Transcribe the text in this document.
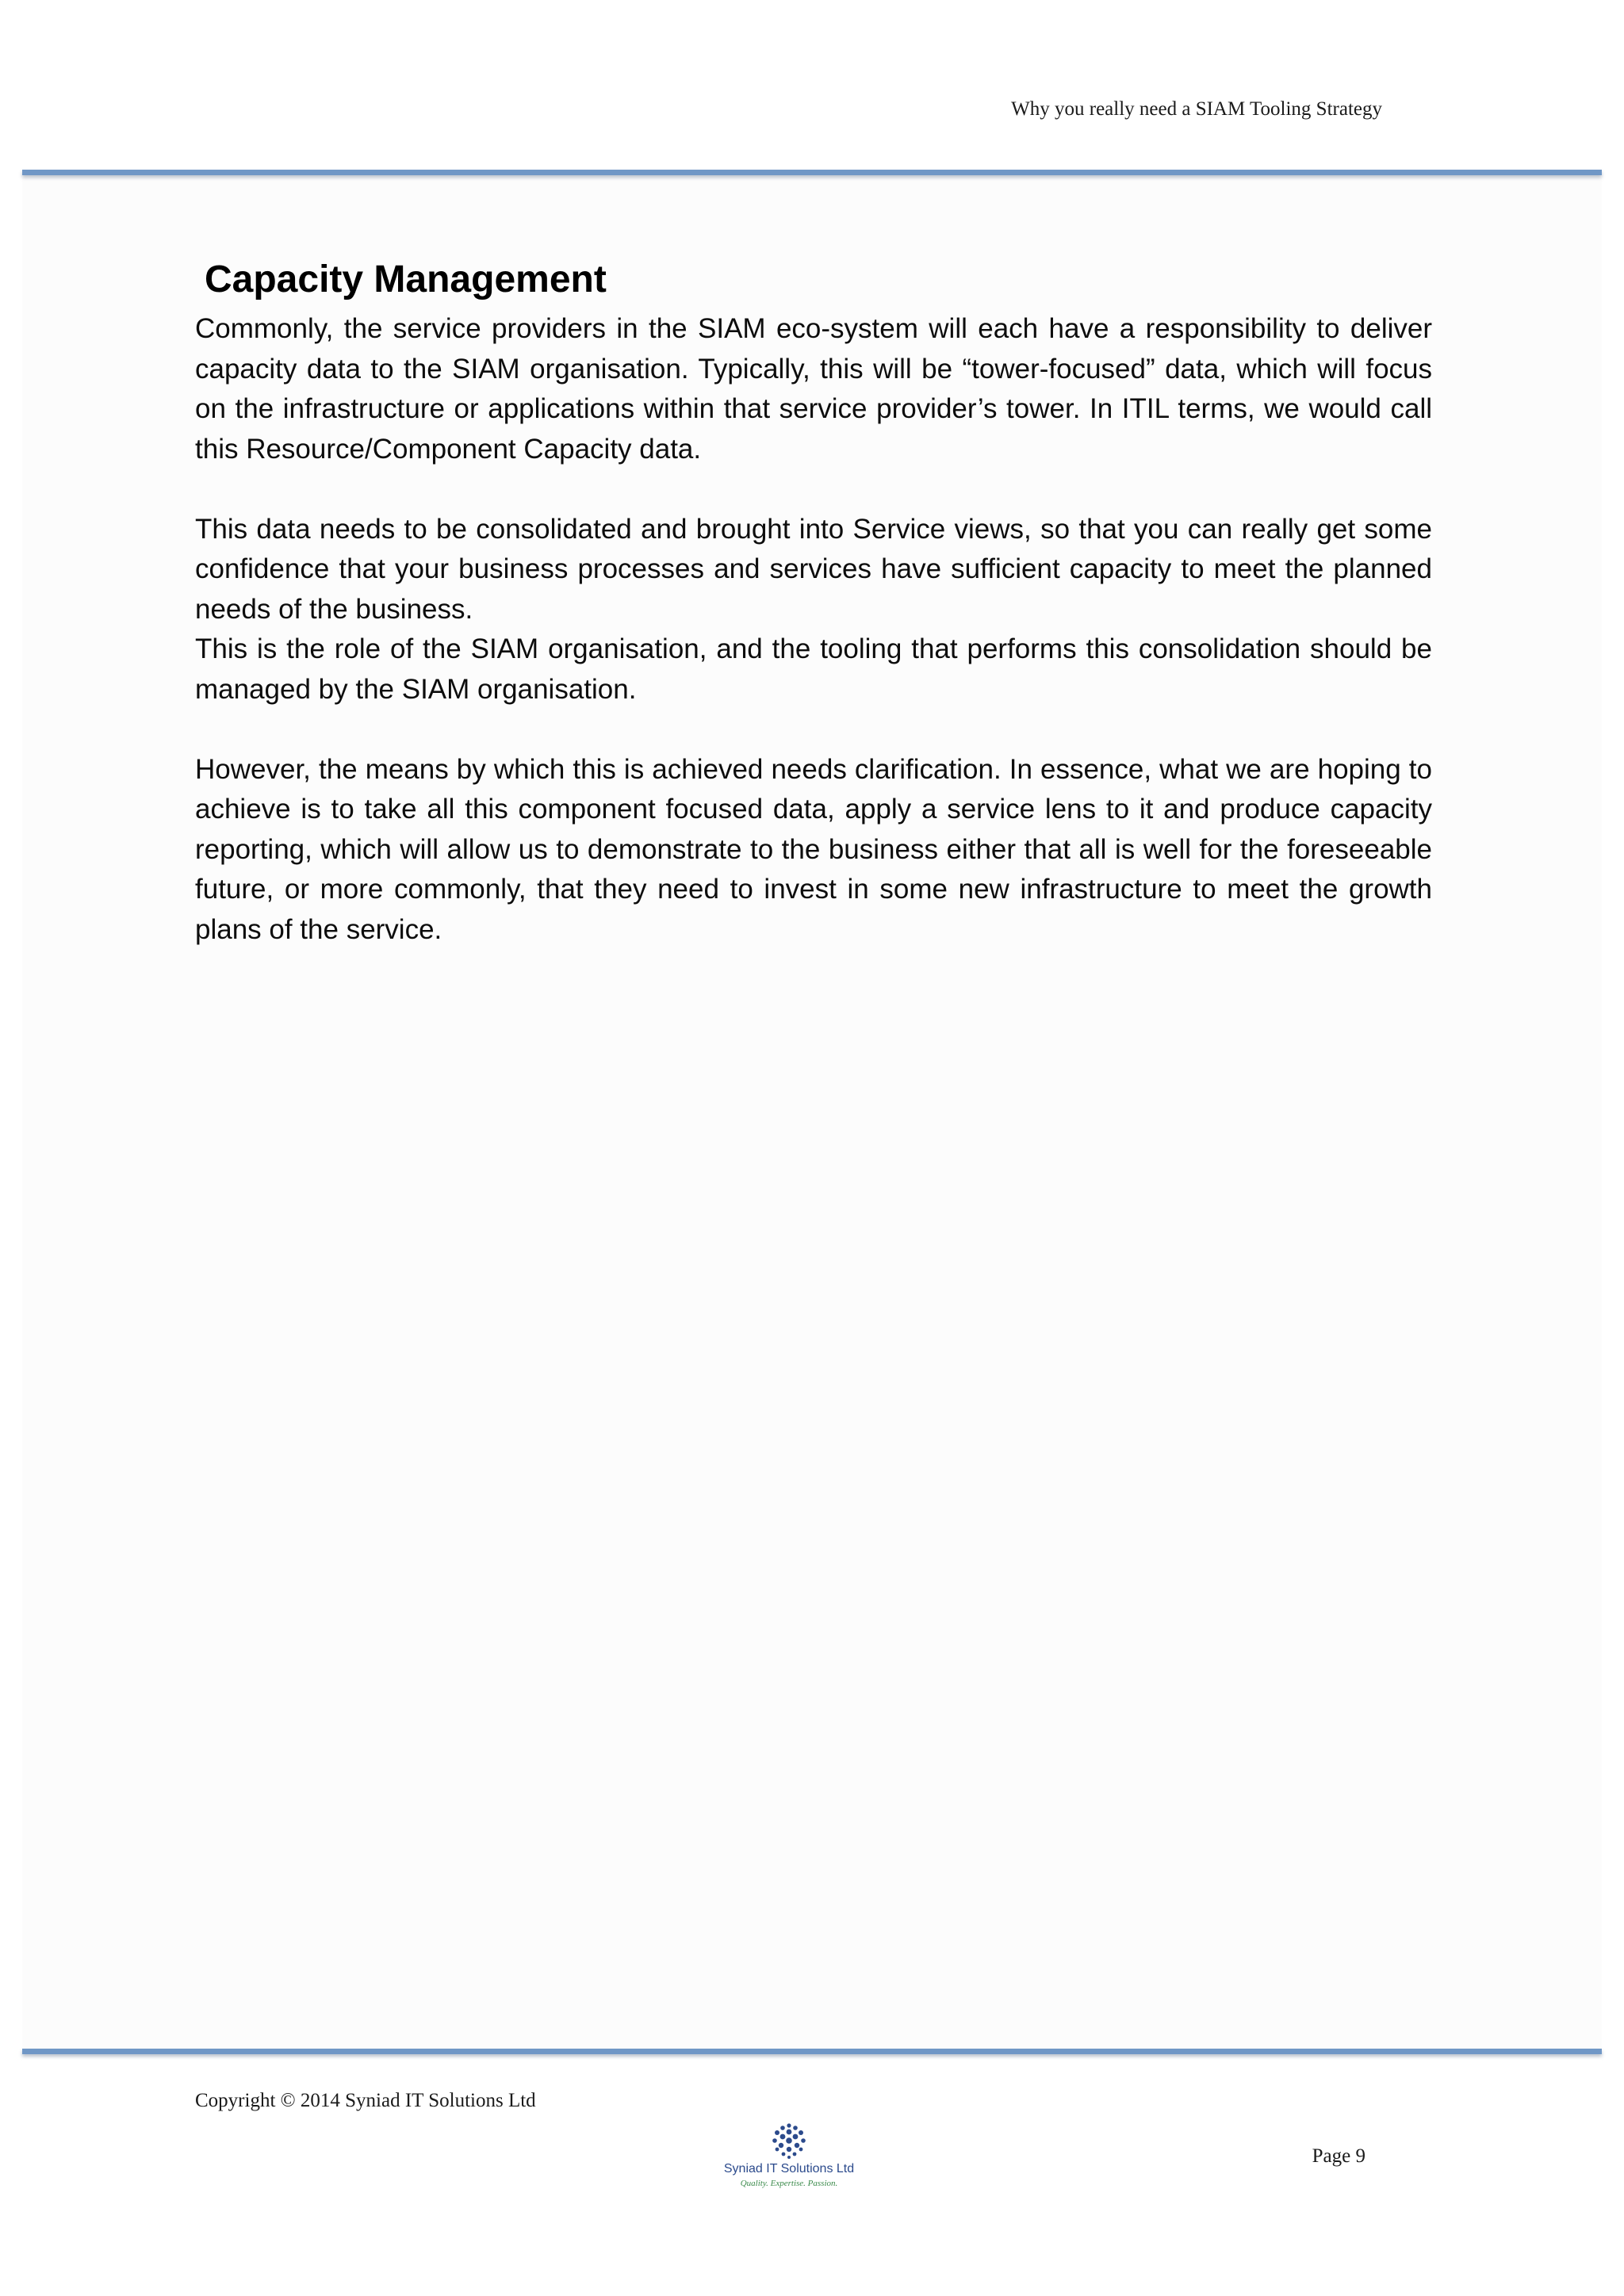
Why you really need a SIAM Tooling Strategy
Capacity Management

Commonly, the service providers in the SIAM eco-system will each have a responsibility to deliver capacity data to the SIAM organisation. Typically, this will be “tower-focused” data, which will focus on the infrastructure or applications within that service provider’s tower. In ITIL terms, we would call this Resource/Component Capacity data.

This data needs to be consolidated and brought into Service views, so that you can really get some confidence that your business processes and services have sufficient capacity to meet the planned needs of the business.

This is the role of the SIAM organisation, and the tooling that performs this consolidation should be managed by the SIAM organisation.

However, the means by which this is achieved needs clarification. In essence, what we are hoping to achieve is to take all this component focused data, apply a service lens to it and produce capacity reporting, which will allow us to demonstrate to the business either that all is well for the foreseeable future, or more commonly, that they need to invest in some new infrastructure to meet the growth plans of the service.

Copyright © 2014 Syniad IT Solutions Ltd
Syniad IT Solutions Ltd
Quality. Expertise. Passion.
Page 9
